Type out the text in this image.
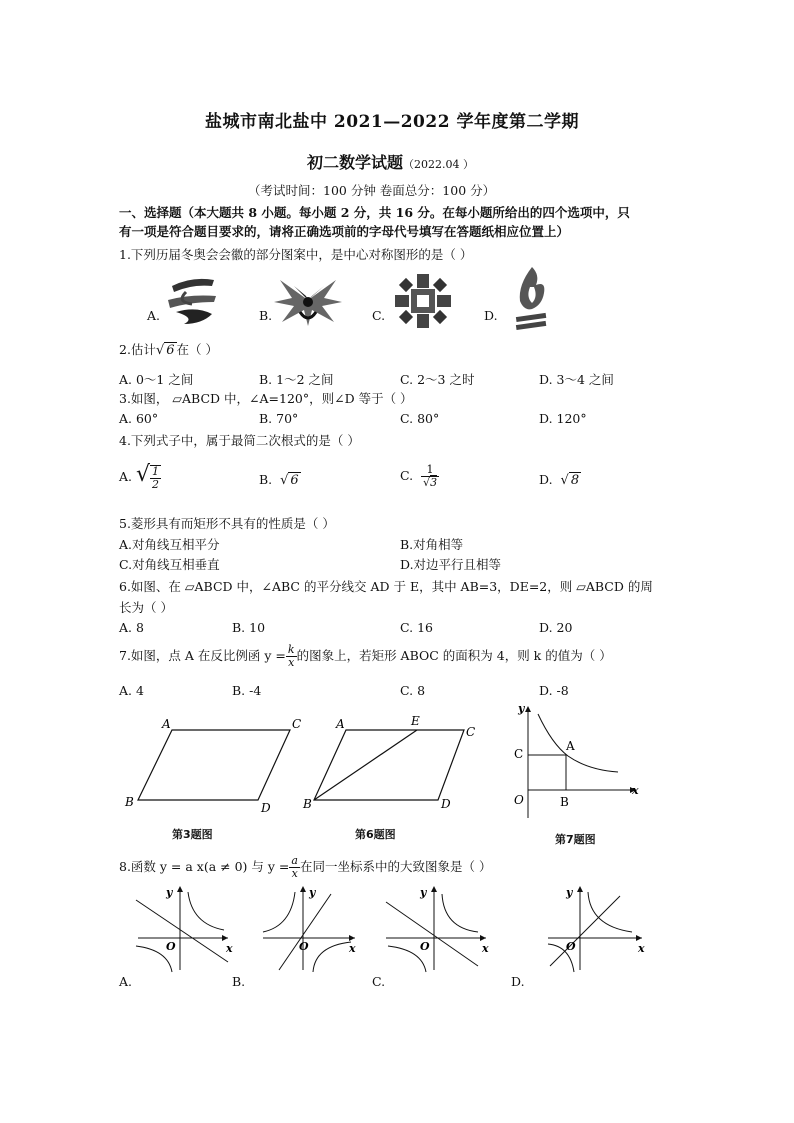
盐城市南北盐中 2021—2022 学年度第二学期
初二数学试题（2022.04 ）
（考试时间：100 分钟 卷面总分：100 分）
一、选择题（本大题共 8 小题。每小题 2 分，共 16 分。在每小题所给出的四个选项中，只
有一项是符合题目要求的，请将正确选项前的字母代号填写在答题纸相应位置上）
1.下列历届冬奥会会徽的部分图案中，是中心对称图形的是（ ）
A.	B.	C.	D.
2.估计√ 6 在（ ）
A. 0～1 之间	B. 1～2 之间	C. 2～3 之时	D. 3～4 之间
3.如图， ▱ABCD 中，∠A=120°，则∠D 等于（ ）
A. 60°	B. 70°	C. 80°	D. 120°
4.下列式子中，属于最简二次根式的是（ ）
A. √ $\frac{1}{2}$	B. √ 6	C. $\frac{1}{√3}$	D. √ 8
5.菱形具有而矩形不具有的性质是（ ）
A.对角线互相平分	B.对角相等
C.对角线互相垂直	D.对边平行且相等
6.如图、在 ▱ABCD 中，∠ABC 的平分线交 AD 于 E，其中 AB=3，DE=2，则 ▱ABCD 的周
长为（ ）
A. 8	B. 10	C. 16	D. 20
7.如图，点 A 在反比例函 $y = \frac{k}{x}$ 的图象上，若矩形 ABOC 的面积为 4，则 k 的值为（ ）
A. 4	B. -4	C. 8	D. -8
A	C
B	D
第3题图
A	E
C
B	D
第6题图
y
C
A
O	B
x
第7题图
8.函数 y = a x(a ≠ 0) 与 $y = \frac{a}{x}$ 在同一坐标系中的大致图象是（ ）
y
x
O
y
x
O
y
x
O
y
x
O
A.	B.	C.	D.
